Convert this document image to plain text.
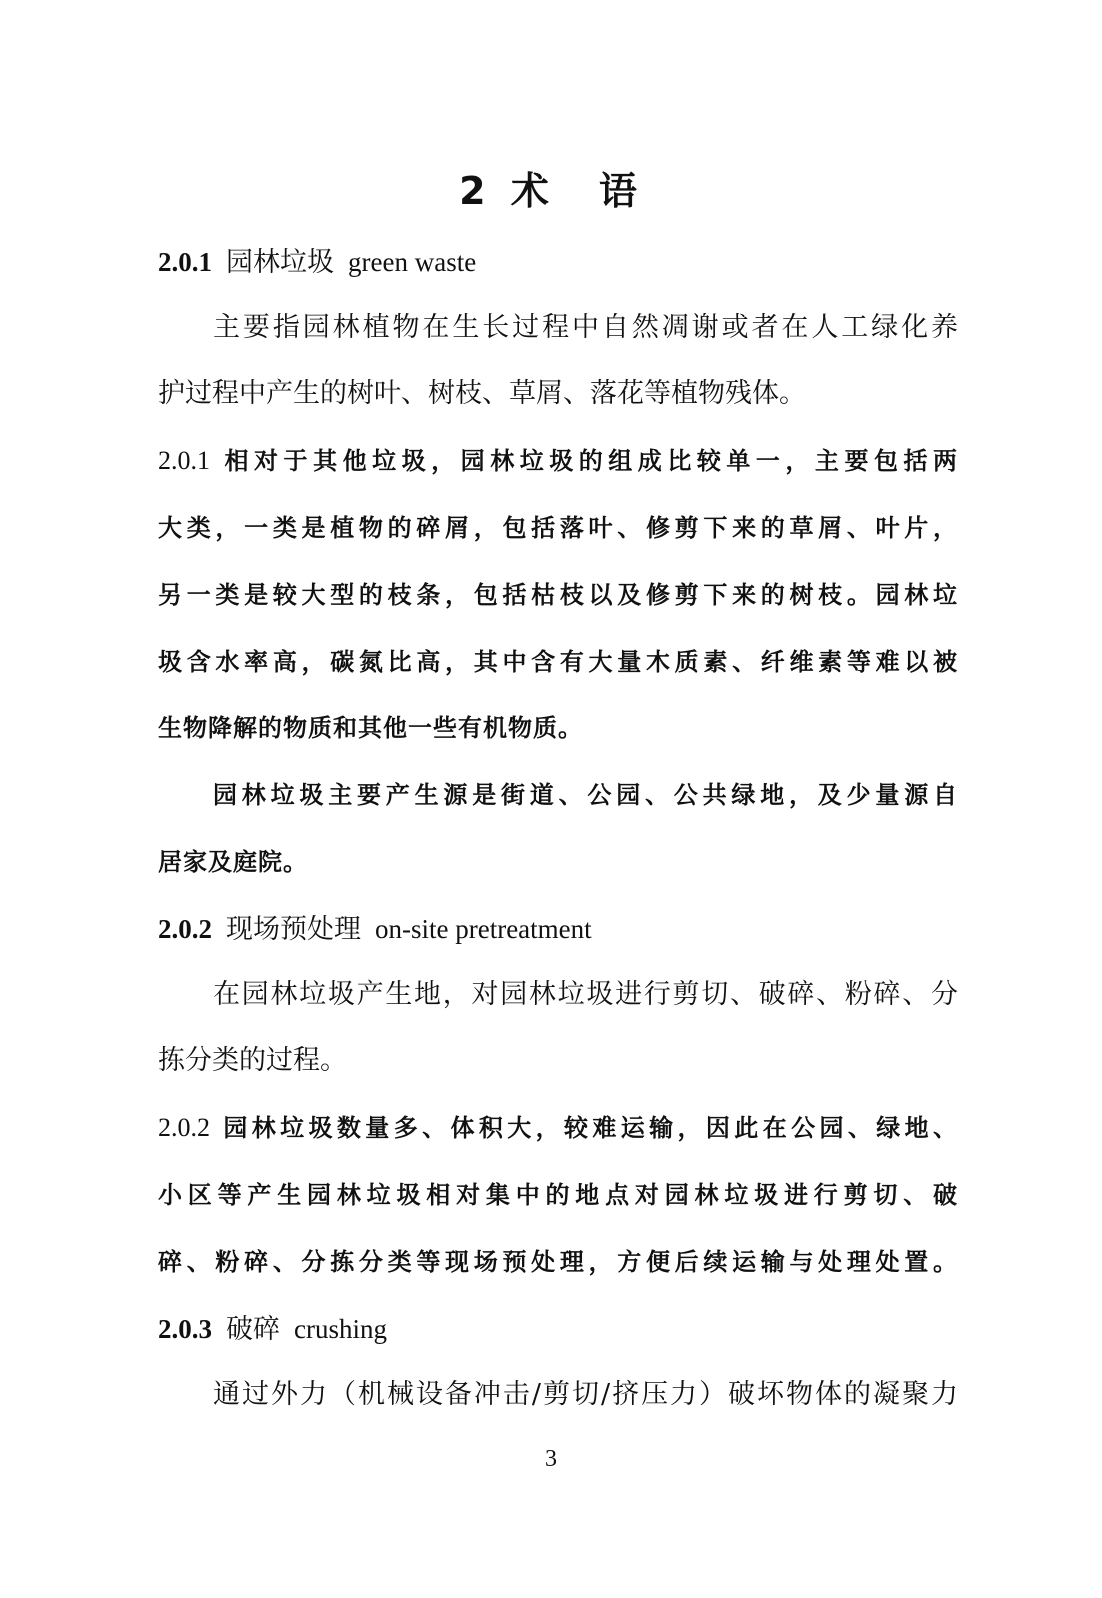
2 术　语
2.0.1 园林垃圾 green waste
主要指园林植物在生长过程中自然凋谢或者在人工绿化养
护过程中产生的树叶、树枝、草屑、落花等植物残体。
2.0.1 相对于其他垃圾，园林垃圾的组成比较单一，主要包括两
大类，一类是植物的碎屑，包括落叶、修剪下来的草屑、叶片，
另一类是较大型的枝条，包括枯枝以及修剪下来的树枝。园林垃
圾含水率高，碳氮比高，其中含有大量木质素、纤维素等难以被
生物降解的物质和其他一些有机物质。
园林垃圾主要产生源是街道、公园、公共绿地，及少量源自
居家及庭院。
2.0.2 现场预处理 on-site pretreatment
在园林垃圾产生地，对园林垃圾进行剪切、破碎、粉碎、分
拣分类的过程。
2.0.2 园林垃圾数量多、体积大，较难运输，因此在公园、绿地、
小区等产生园林垃圾相对集中的地点对园林垃圾进行剪切、破
碎、粉碎、分拣分类等现场预处理，方便后续运输与处理处置。
2.0.3 破碎 crushing
通过外力（机械设备冲击/剪切/挤压力）破坏物体的凝聚力
3
